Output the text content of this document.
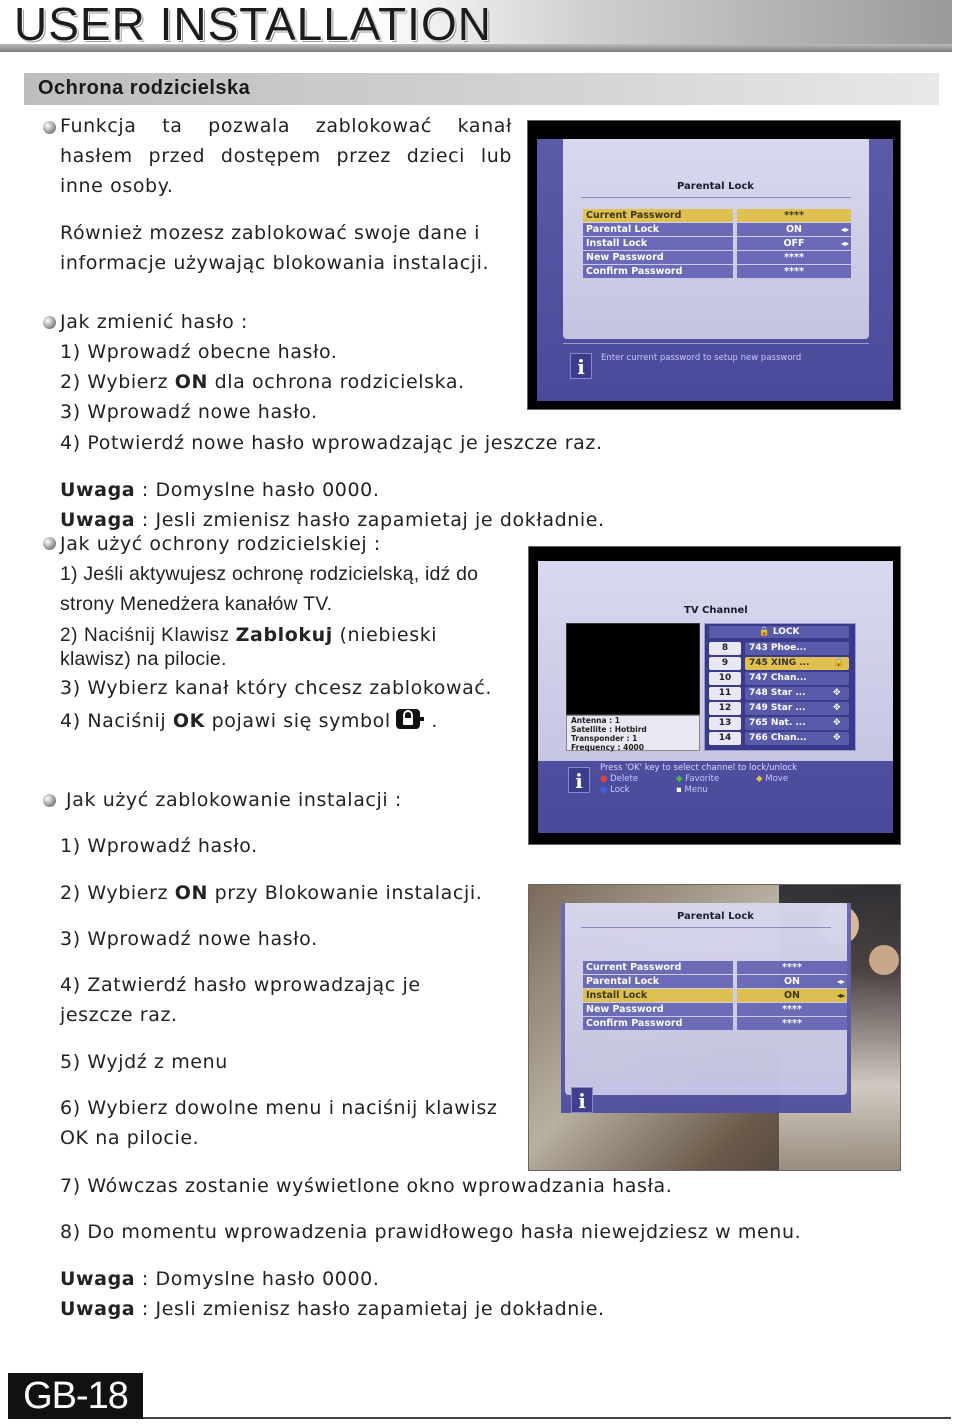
USER INSTALLATION
Ochrona rodzicielska
Funkcja ta pozwala zablokować kanał
hasłem przed dostępem przez dzieci lub
inne osoby.
Również mozesz zablokować swoje dane i
informacje używając blokowania instalacji.
Jak zmienić hasło :
1) Wprowadź obecne hasło.
2) Wybierz ON dla ochrona rodzicielska.
3) Wprowadź nowe hasło.
4) Potwierdź nowe hasło wprowadzając je jeszcze raz.
Uwaga : Domyslne hasło 0000.
Uwaga : Jesli zmienisz hasło zapamietaj je dokładnie.
Jak użyć ochrony rodzicielskiej :
1) Jeśli aktywujesz ochronę rodzicielską, idź do
strony Menedżera kanałów TV.
2) Naciśnij Klawisz Zablokuj (niebieski
klawisz) na pilocie.
3) Wybierz kanał który chcesz zablokować.
4) Naciśnij OK pojawi się symbol .
Jak użyć zablokowanie instalacji :
1) Wprowadź hasło.
2) Wybierz ON przy Blokowanie instalacji.
3) Wprowadź nowe hasło.
4) Zatwierdź hasło wprowadzając je
jeszcze raz.
5) Wyjdź z menu
6) Wybierz dowolne menu i naciśnij klawisz
OK na pilocie.
7) Wówczas zostanie wyświetlone okno wprowadzania hasła.
8) Do momentu wprowadzenia prawidłowego hasła niewejdziesz w menu.
Uwaga : Domyslne hasło 0000.
Uwaga : Jesli zmienisz hasło zapamietaj je dokładnie.
Parental Lock
Current Password	****
Parental Lock	ON	◂▸
Install Lock	OFF	◂▸
New Password	****
Confirm Password	****
i	Enter current password to setup new password
TV Channel
Antenna : 1
Satellite : Hotbird
Transponder : 1
Frequency : 4000
🔒 LOCK
8	743 Phoe...
9	745 XING ...	🔒
10	747 Chan...
11	748 Star ...	✥
12	749 Star ...	✥
13	765 Nat. ...	✥
14	766 Chan...	✥
i
Press 'OK' key to select channel to lock/unlock
● Delete	◆ Favorite	◆ Move
● Lock	▪ Menu
Parental Lock
Current Password	****
Parental Lock	ON	◂▸
Install Lock	ON	◂▸
New Password	****
Confirm Password	****
i
Select ON if you want to make installation menu locked
GB-18
